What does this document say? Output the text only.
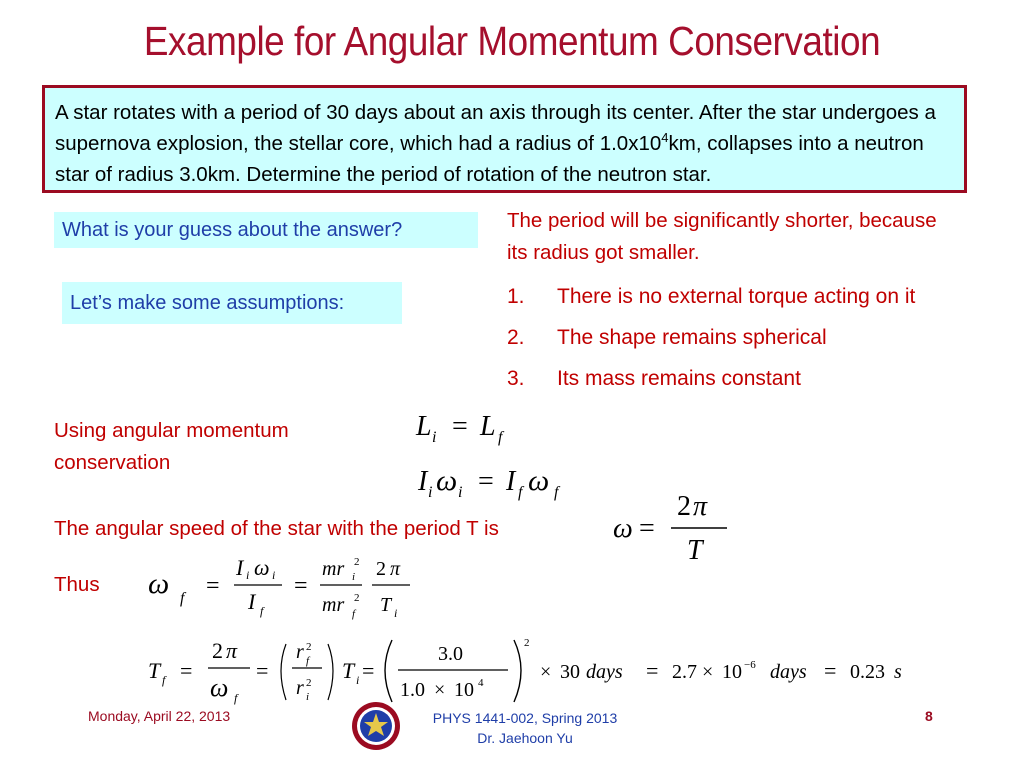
Example for Angular Momentum Conservation
A star rotates with a period of 30 days about an axis through its center. After the star undergoes a supernova explosion, the stellar core, which had a radius of $1.0x10^4km$, collapses into a neutron star of radius 3.0km. Determine the period of rotation of the neutron star.
What is your guess about the answer?	The period will be significantly shorter, because its radius got smaller.
Let’s make some assumptions:	1.	There is no external torque acting on it
2.	The shape remains spherical
3.	Its mass remains constant
Using angular momentum conservation
The angular speed of the star with the period T is
Thus
L i = L f
I i ω i = I f ω f
ω =
2 π
T
ω f =
I i ω i
I f
=
mr 2
i
mr 2
f
2 π
T i
T f =
2 π
ω f
=
r 2
f
r 2
i
T i =
3.0
1.0 × 10 4
2
× 30 days = 2.7 × 10 −6 days = 0.23 s
Monday, April 22, 2013	PHYS 1441-002, Spring 2013
Dr. Jaehoon Yu
8
